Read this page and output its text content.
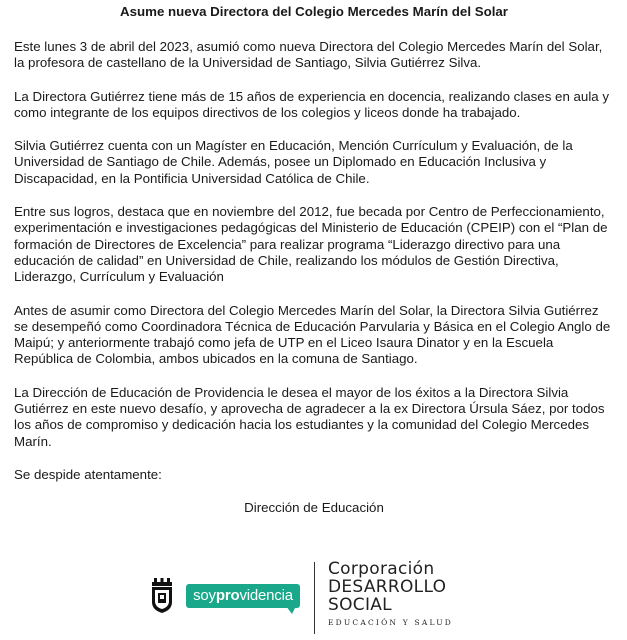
Asume nueva Directora del Colegio Mercedes Marín del Solar

Este lunes 3 de abril del 2023, asumió como nueva Directora del Colegio Mercedes Marín del Solar, la profesora de castellano de la Universidad de Santiago, Silvia Gutiérrez Silva.

La Directora Gutiérrez tiene más de 15 años de experiencia en docencia, realizando clases en aula y como integrante de los equipos directivos de los colegios y liceos donde ha trabajado.

Silvia Gutiérrez cuenta con un Magíster en Educación, Mención Currículum y Evaluación, de la Universidad de Santiago de Chile. Además, posee un Diplomado en Educación Inclusiva y Discapacidad, en la Pontificia Universidad Católica de Chile.

Entre sus logros, destaca que en noviembre del 2012, fue becada por Centro de Perfeccionamiento, experimentación e investigaciones pedagógicas del Ministerio de Educación (CPEIP) con el “Plan de formación de Directores de Excelencia” para realizar programa “Liderazgo directivo para una educación de calidad” en Universidad de Chile, realizando los módulos de Gestión Directiva, Liderazgo, Currículum y Evaluación

Antes de asumir como Directora del Colegio Mercedes Marín del Solar, la Directora Silvia Gutiérrez se desempeñó como Coordinadora Técnica de Educación Parvularia y Básica en el Colegio Anglo de Maipú; y anteriormente trabajó como jefa de UTP en el Liceo Isaura Dinator y en la Escuela República de Colombia, ambos ubicados en la comuna de Santiago.

La Dirección de Educación de Providencia le desea el mayor de los éxitos a la Directora Silvia Gutiérrez en este nuevo desafío, y aprovecha de agradecer a la ex Directora Úrsula Sáez, por todos los años de compromiso y dedicación hacia los estudiantes y la comunidad del Colegio Mercedes Marín.

Se despide atentamente:

Dirección de Educación
soyprovidencia
Corporación
DESARROLLO
SOCIAL
EDUCACIÓN Y SALUD
